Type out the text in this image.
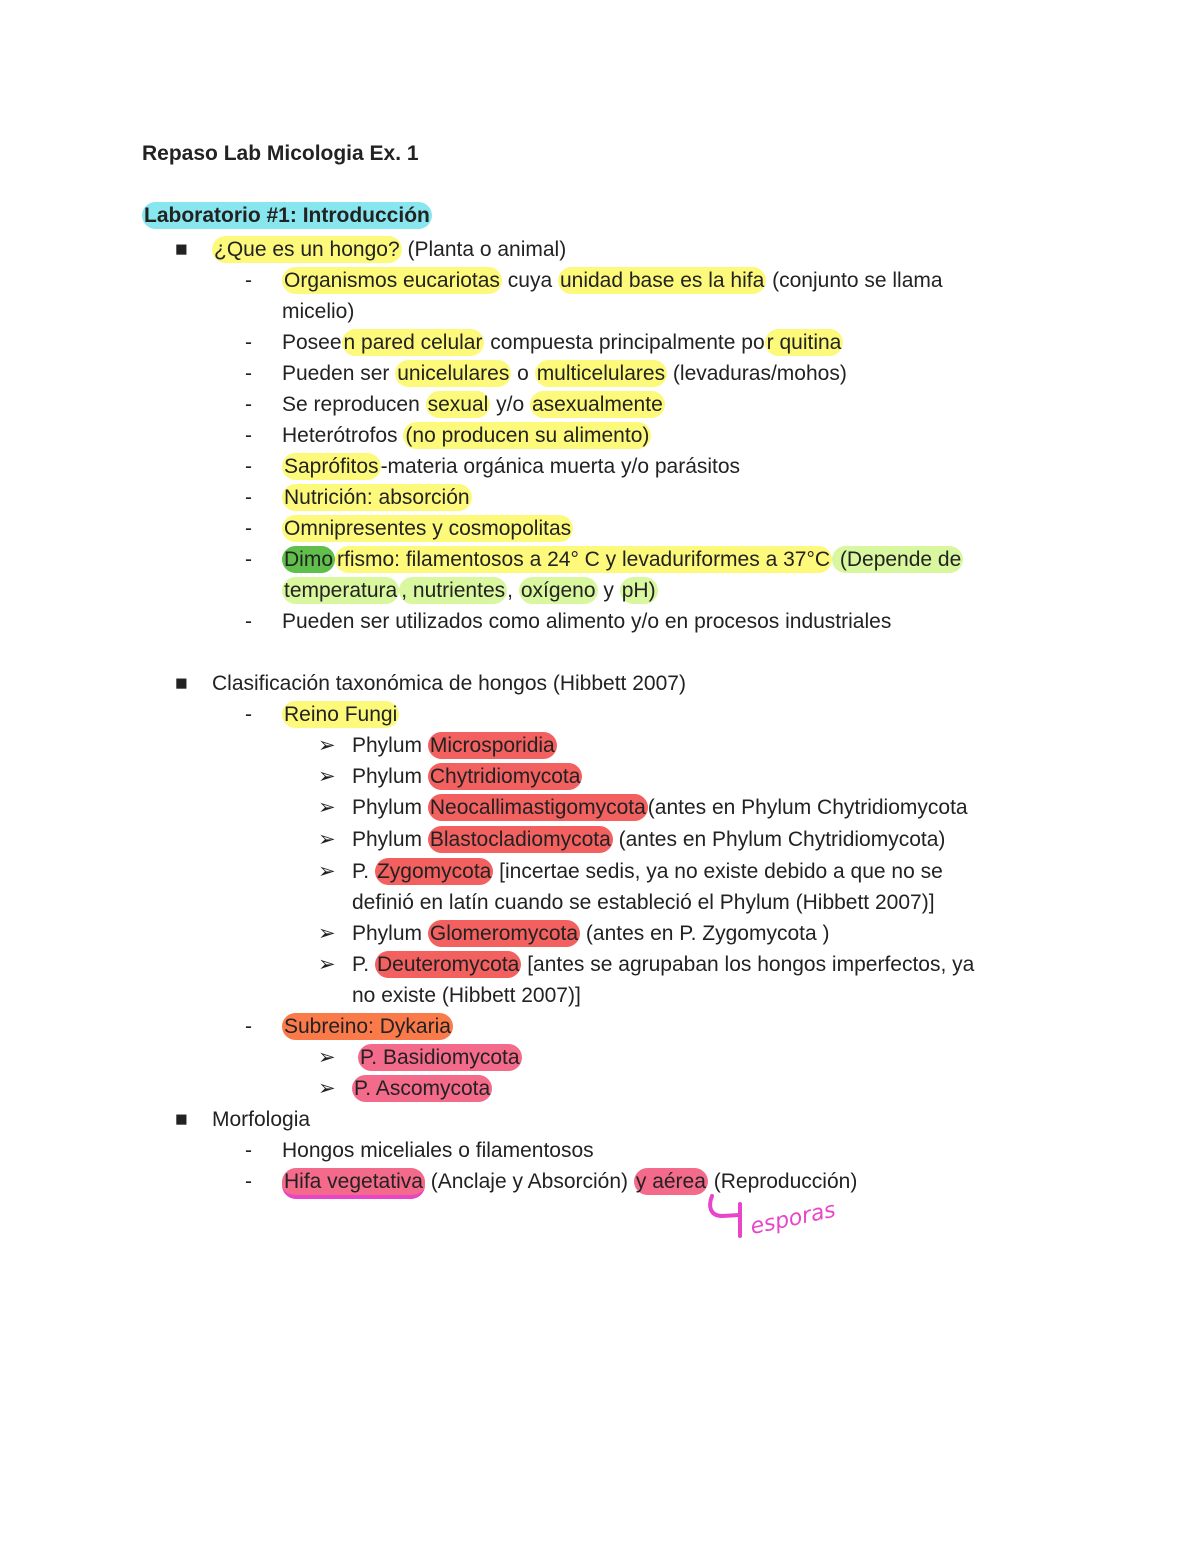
Repaso Lab Micologia Ex. 1
Laboratorio #1: Introducción
■ ¿Que es un hongo? (Planta o animal)
- Organismos eucariotas cuya unidad base es la hifa (conjunto se llama
micelio)
- Poseen pared celular compuesta principalmente por quitina
- Pueden ser unicelulares o multicelulares (levaduras/mohos)
- Se reproducen sexual y/o asexualmente
- Heterótrofos (no producen su alimento)
- Saprófitos-materia orgánica muerta y/o parásitos
- Nutrición: absorción
- Omnipresentes y cosmopolitas
- Dimo rfismo: filamentosos a 24° C y levaduriformes a 37°C (Depende de
temperatura , nutrientes, oxígeno y pH)
- Pueden ser utilizados como alimento y/o en procesos industriales
■ Clasificación taxonómica de hongos (Hibbett 2007)
- Reino Fungi
➢ Phylum Microsporidia
➢ Phylum Chytridiomycota
➢ Phylum Neocallimastigomycota(antes en Phylum Chytridiomycota
➢ Phylum Blastocladiomycota (antes en Phylum Chytridiomycota)
➢ P. Zygomycota [incertae sedis, ya no existe debido a que no se
definió en latín cuando se estableció el Phylum (Hibbett 2007)]
➢ Phylum Glomeromycota (antes en P. Zygomycota )
➢ P. Deuteromycota [antes se agrupaban los hongos imperfectos, ya
no existe (Hibbett 2007)]
- Subreino: Dykaria
➢ P. Basidiomycota
➢ P. Ascomycota
■ Morfologia
- Hongos miceliales o filamentosos
- Hifa vegetativa (Anclaje y Absorción) y aérea (Reproducción)
esporas
